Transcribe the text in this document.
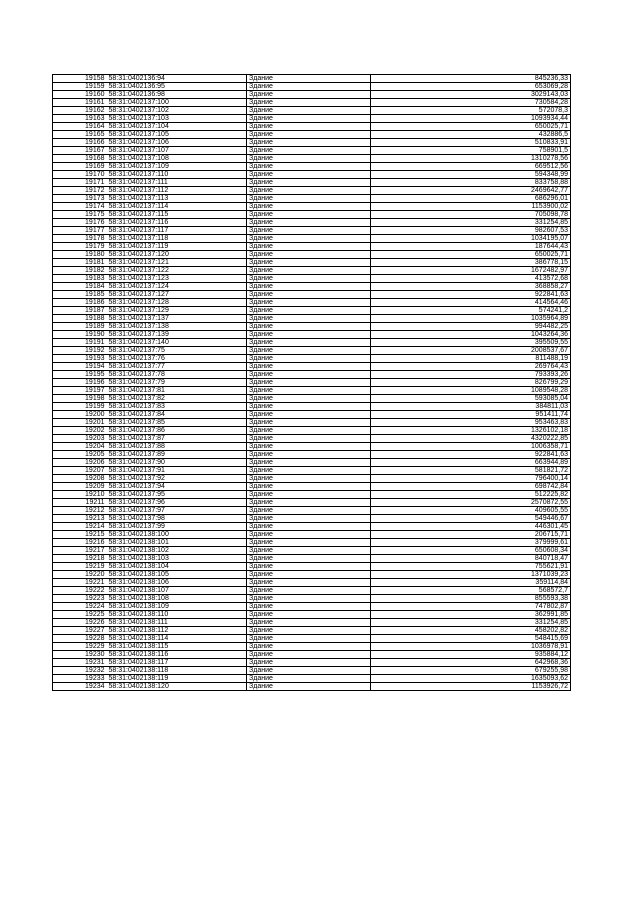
19158	58:31:0402136:94	Здание	845236,33
19159	58:31:0402136:95	Здание	653069,28
19160	58:31:0402136:98	Здание	3029143,03
19161	58:31:0402137:100	Здание	730584,28
19162	58:31:0402137:102	Здание	572078,3
19163	58:31:0402137:103	Здание	1093934,44
19164	58:31:0402137:104	Здание	650025,71
19165	58:31:0402137:105	Здание	432886,5
19166	58:31:0402137:106	Здание	510833,91
19167	58:31:0402137:107	Здание	758901,5
19168	58:31:0402137:108	Здание	1310278,56
19169	58:31:0402137:109	Здание	669512,56
19170	58:31:0402137:110	Здание	594348,99
19171	58:31:0402137:111	Здание	833758,88
19172	58:31:0402137:112	Здание	2469642,77
19173	58:31:0402137:113	Здание	686296,01
19174	58:31:0402137:114	Здание	1153900,02
19175	58:31:0402137:115	Здание	705098,78
19176	58:31:0402137:116	Здание	331254,85
19177	58:31:0402137:117	Здание	982607,53
19178	58:31:0402137:118	Здание	1034195,07
19179	58:31:0402137:119	Здание	187644,43
19180	58:31:0402137:120	Здание	650025,71
19181	58:31:0402137:121	Здание	386778,15
19182	58:31:0402137:122	Здание	1672482,97
19183	58:31:0402137:123	Здание	413572,68
19184	58:31:0402137:124	Здание	368858,27
19185	58:31:0402137:127	Здание	922841,63
19186	58:31:0402137:128	Здание	414564,46
19187	58:31:0402137:129	Здание	574241,2
19188	58:31:0402137:137	Здание	1035964,89
19189	58:31:0402137:138	Здание	994482,25
19190	58:31:0402137:139	Здание	1043264,36
19191	58:31:0402137:140	Здание	395509,55
19192	58:31:0402137:75	Здание	2008537,67
19193	58:31:0402137:76	Здание	811488,19
19194	58:31:0402137:77	Здание	269764,43
19195	58:31:0402137:78	Здание	793393,26
19196	58:31:0402137:79	Здание	826799,29
19197	58:31:0402137:81	Здание	1089548,28
19198	58:31:0402137:82	Здание	593085,04
19199	58:31:0402137:83	Здание	384811,03
19200	58:31:0402137:84	Здание	951411,74
19201	58:31:0402137:85	Здание	953463,83
19202	58:31:0402137:86	Здание	1326102,18
19203	58:31:0402137:87	Здание	4320222,85
19204	58:31:0402137:88	Здание	1006358,71
19205	58:31:0402137:89	Здание	922841,63
19206	58:31:0402137:90	Здание	663944,89
19207	58:31:0402137:91	Здание	581821,72
19208	58:31:0402137:92	Здание	796400,14
19209	58:31:0402137:94	Здание	698742,84
19210	58:31:0402137:95	Здание	512225,82
19211	58:31:0402137:96	Здание	2570872,55
19212	58:31:0402137:97	Здание	409605,55
19213	58:31:0402137:98	Здание	549446,67
19214	58:31:0402137:99	Здание	446301,45
19215	58:31:0402138:100	Здание	206715,71
19216	58:31:0402138:101	Здание	379999,61
19217	58:31:0402138:102	Здание	650608,34
19218	58:31:0402138:103	Здание	840718,47
19219	58:31:0402138:104	Здание	755621,91
19220	58:31:0402138:105	Здание	1371039,23
19221	58:31:0402138:106	Здание	359114,84
19222	58:31:0402138:107	Здание	568572,7
19223	58:31:0402138:108	Здание	855593,38
19224	58:31:0402138:109	Здание	747802,87
19225	58:31:0402138:110	Здание	362991,85
19226	58:31:0402138:111	Здание	331254,85
19227	58:31:0402138:112	Здание	458202,82
19228	58:31:0402138:114	Здание	548415,69
19229	58:31:0402138:115	Здание	1036978,91
19230	58:31:0402138:116	Здание	935884,12
19231	58:31:0402138:117	Здание	642968,36
19232	58:31:0402138:118	Здание	679255,98
19233	58:31:0402138:119	Здание	1635093,62
19234	58:31:0402138:120	Здание	1153926,72
